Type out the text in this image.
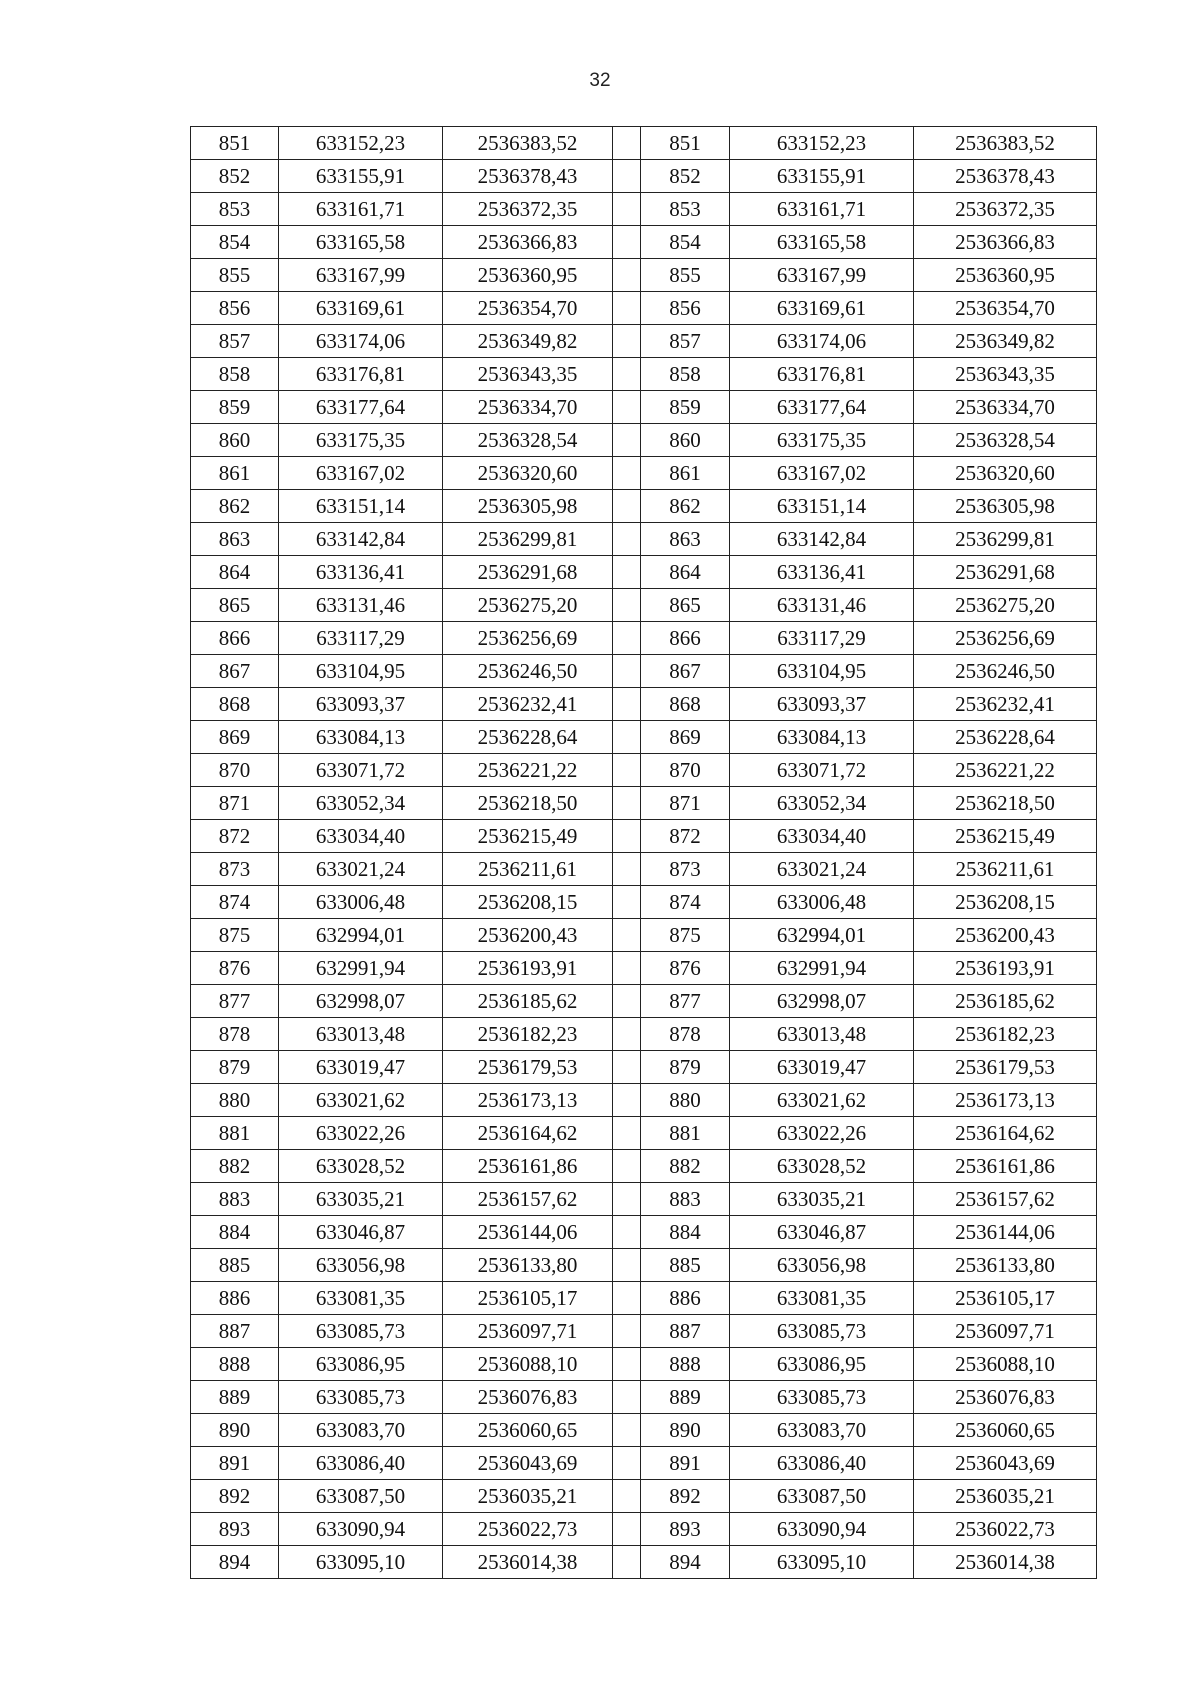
32
851	633152,23	2536383,52		851	633152,23	2536383,52
852	633155,91	2536378,43		852	633155,91	2536378,43
853	633161,71	2536372,35		853	633161,71	2536372,35
854	633165,58	2536366,83		854	633165,58	2536366,83
855	633167,99	2536360,95		855	633167,99	2536360,95
856	633169,61	2536354,70		856	633169,61	2536354,70
857	633174,06	2536349,82		857	633174,06	2536349,82
858	633176,81	2536343,35		858	633176,81	2536343,35
859	633177,64	2536334,70		859	633177,64	2536334,70
860	633175,35	2536328,54		860	633175,35	2536328,54
861	633167,02	2536320,60		861	633167,02	2536320,60
862	633151,14	2536305,98		862	633151,14	2536305,98
863	633142,84	2536299,81		863	633142,84	2536299,81
864	633136,41	2536291,68		864	633136,41	2536291,68
865	633131,46	2536275,20		865	633131,46	2536275,20
866	633117,29	2536256,69		866	633117,29	2536256,69
867	633104,95	2536246,50		867	633104,95	2536246,50
868	633093,37	2536232,41		868	633093,37	2536232,41
869	633084,13	2536228,64		869	633084,13	2536228,64
870	633071,72	2536221,22		870	633071,72	2536221,22
871	633052,34	2536218,50		871	633052,34	2536218,50
872	633034,40	2536215,49		872	633034,40	2536215,49
873	633021,24	2536211,61		873	633021,24	2536211,61
874	633006,48	2536208,15		874	633006,48	2536208,15
875	632994,01	2536200,43		875	632994,01	2536200,43
876	632991,94	2536193,91		876	632991,94	2536193,91
877	632998,07	2536185,62		877	632998,07	2536185,62
878	633013,48	2536182,23		878	633013,48	2536182,23
879	633019,47	2536179,53		879	633019,47	2536179,53
880	633021,62	2536173,13		880	633021,62	2536173,13
881	633022,26	2536164,62		881	633022,26	2536164,62
882	633028,52	2536161,86		882	633028,52	2536161,86
883	633035,21	2536157,62		883	633035,21	2536157,62
884	633046,87	2536144,06		884	633046,87	2536144,06
885	633056,98	2536133,80		885	633056,98	2536133,80
886	633081,35	2536105,17		886	633081,35	2536105,17
887	633085,73	2536097,71		887	633085,73	2536097,71
888	633086,95	2536088,10		888	633086,95	2536088,10
889	633085,73	2536076,83		889	633085,73	2536076,83
890	633083,70	2536060,65		890	633083,70	2536060,65
891	633086,40	2536043,69		891	633086,40	2536043,69
892	633087,50	2536035,21		892	633087,50	2536035,21
893	633090,94	2536022,73		893	633090,94	2536022,73
894	633095,10	2536014,38		894	633095,10	2536014,38
